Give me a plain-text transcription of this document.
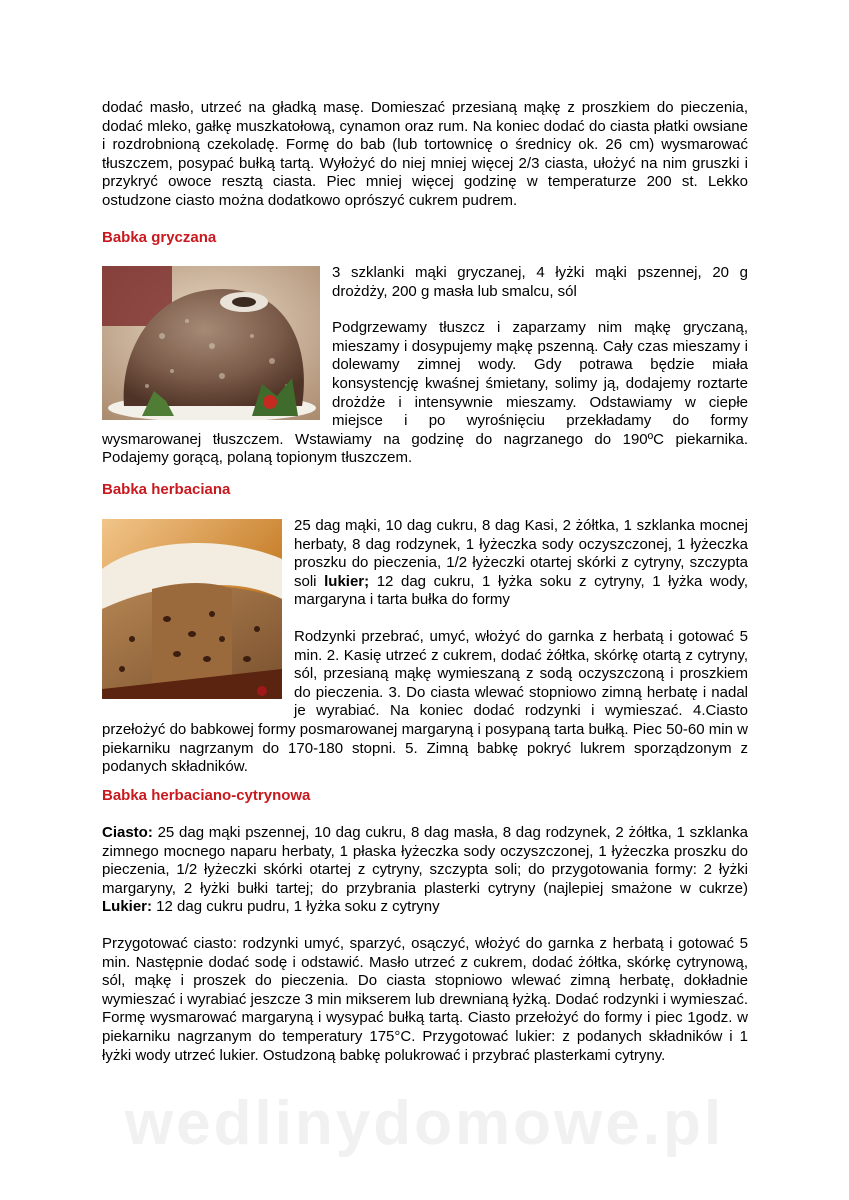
dodać masło, utrzeć na gładką masę. Domieszać przesianą mąkę z proszkiem do pieczenia, dodać mleko, gałkę muszkatołową, cynamon oraz rum. Na koniec dodać do ciasta płatki owsiane i rozdrobnioną czekoladę. Formę do bab (lub tortownicę o średnicy ok. 26 cm) wysmarować tłuszczem, posypać bułką tartą. Wyłożyć do niej mniej więcej 2/3 ciasta, ułożyć na nim gruszki i przykryć owoce resztą ciasta. Piec mniej więcej godzinę w temperaturze 200 st. Lekko ostudzone ciasto można dodatkowo oprószyć cukrem pudrem.

Babka gryczana

3 szklanki mąki gryczanej, 4 łyżki mąki pszennej, 20 g drożdży, 200 g masła lub smalcu, sól

Podgrzewamy tłuszcz i zaparzamy nim mąkę gryczaną, mieszamy i dosypujemy mąkę pszenną. Cały czas mieszamy i dolewamy zimnej wody. Gdy potrawa będzie miała konsystencję kwaśnej śmietany, solimy ją, dodajemy roztarte drożdże i intensywnie mieszamy. Odstawiamy w ciepłe miejsce i po wyrośnięciu przekładamy do formy wysmarowanej tłuszczem. Wstawiamy na godzinę do nagrzanego do 190ºC piekarnika. Podajemy gorącą, polaną topionym tłuszczem.

Babka herbaciana

25 dag mąki, 10 dag cukru, 8 dag Kasi, 2 żółtka, 1 szklanka mocnej herbaty, 8 dag rodzynek, 1 łyżeczka sody oczyszczonej, 1 łyżeczka proszku do pieczenia, 1/2 łyżeczki otartej skórki z cytryny, szczypta soli lukier; 12 dag cukru, 1 łyżka soku z cytryny, 1 łyżka wody, margaryna i tarta bułka do formy

Rodzynki przebrać, umyć, włożyć do garnka z herbatą i gotować 5 min. 2. Kasię utrzeć z cukrem, dodać żółtka, skórkę otartą z cytryny, sól, przesianą mąkę wymieszaną z sodą oczyszczoną i proszkiem do pieczenia. 3. Do ciasta wlewać stopniowo zimną herbatę i nadal je wyrabiać. Na koniec dodać rodzynki i wymieszać. 4.Ciasto przełożyć do babkowej formy posmarowanej margaryną i posypaną tarta bułką. Piec 50-60 min w piekarniku nagrzanym do 170-180 stopni. 5. Zimną babkę pokryć lukrem sporządzonym z podanych składników.

Babka herbaciano-cytrynowa

Ciasto: 25 dag mąki pszennej, 10 dag cukru, 8 dag masła, 8 dag rodzynek, 2 żółtka, 1 szklanka zimnego mocnego naparu herbaty, 1 płaska łyżeczka sody oczyszczonej, 1 łyżeczka proszku do pieczenia, 1/2 łyżeczki skórki otartej z cytryny, szczypta soli; do przygotowania formy: 2 łyżki margaryny, 2 łyżki bułki tartej; do przybrania plasterki cytryny (najlepiej smażone w cukrze) Lukier: 12 dag cukru pudru, 1 łyżka soku z cytryny

Przygotować ciasto: rodzynki umyć, sparzyć, osączyć, włożyć do garnka z herbatą i gotować 5 min. Następnie dodać sodę i odstawić. Masło utrzeć z cukrem, dodać żółtka, skórkę cytrynową, sól, mąkę i proszek do pieczenia. Do ciasta stopniowo wlewać zimną herbatę, dokładnie wymieszać i wyrabiać jeszcze 3 min mikserem lub drewnianą łyżką. Dodać rodzynki i wymieszać. Formę wysmarować margaryną i wysypać bułką tartą. Ciasto przełożyć do formy i piec 1godz. w piekarniku nagrzanym do temperatury 175°C. Przygotować lukier: z podanych składników i 1 łyżki wody utrzeć lukier. Ostudzoną babkę polukrować i przybrać plasterkami cytryny.

wedlinydomowe.pl
